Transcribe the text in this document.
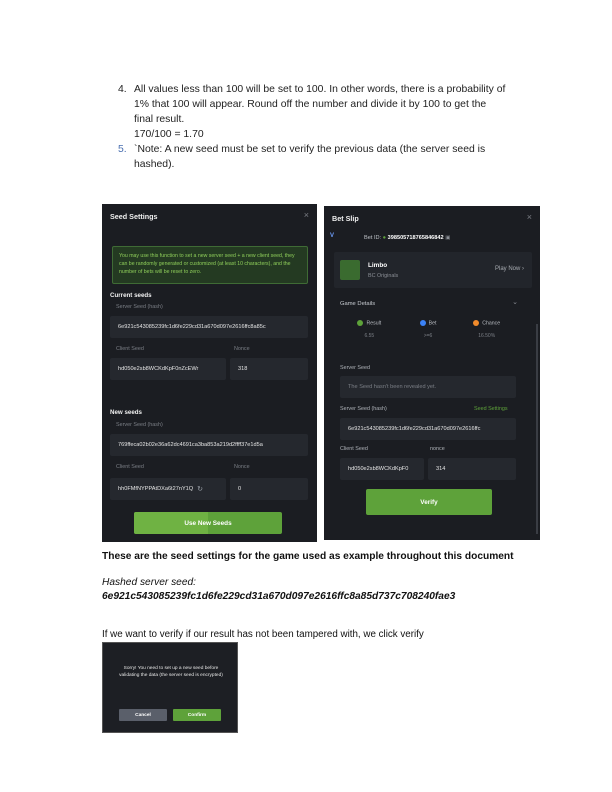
4. All values less than 100 will be set to 100. In other words, there is a probability of
1% that 100 will appear. Round off the number and divide it by 100 to get the
final result.
170/100 = 1.70
5. `Note: A new seed must be set to verify the previous data (the server seed is
hashed).
Seed Settings	×
You may use this function to set a new server seed + a new client seed, they can be randomly generated or customized (at least 10 characters), and the number of bets will be reset to zero.
Current seeds
Server Seed (hash)
6e921c543085239fc1d6fe229cd31a670d097e2616ffc8a85c
Client Seed	Nonce
hd050e2sb8WCKdKpF0nZcEWr	318
New seeds
Server Seed (hash)
769ffeca02b02e36a62dc4691ca3ba853a219d2ffff37e1d5a
Client Seed	Nonce
hh0FMfNYPPAtDXa6t27nY1Q ↻	0
Use New Seeds
Bet Slip	×
Bet ID: ● 398505718765846842 ▣
V
Limbo
BC Originals
Play Now ›
Game Details	⌄
Result
6.55
Bet
>=6
Chance
16.50%
Server Seed
The Seed hasn't been revealed yet.
Server Seed (hash)	Seed Settings
6e921c543085239fc1d6fe229cd31a670d097e2616ffc
Client Seed	nonce
hd050e2sb8WCKdKpF0	314
Verify
These are the seed settings for the game used as example throughout this document
Hashed server seed:
6e921c543085239fc1d6fe229cd31a670d097e2616ffc8a85d737c708240fae3
If we want to verify if our result has not been tampered with, we click verify
Sorry! You need to set up a new seed before validating the data (the server seed is encrypted)
Cancel	Confirm
